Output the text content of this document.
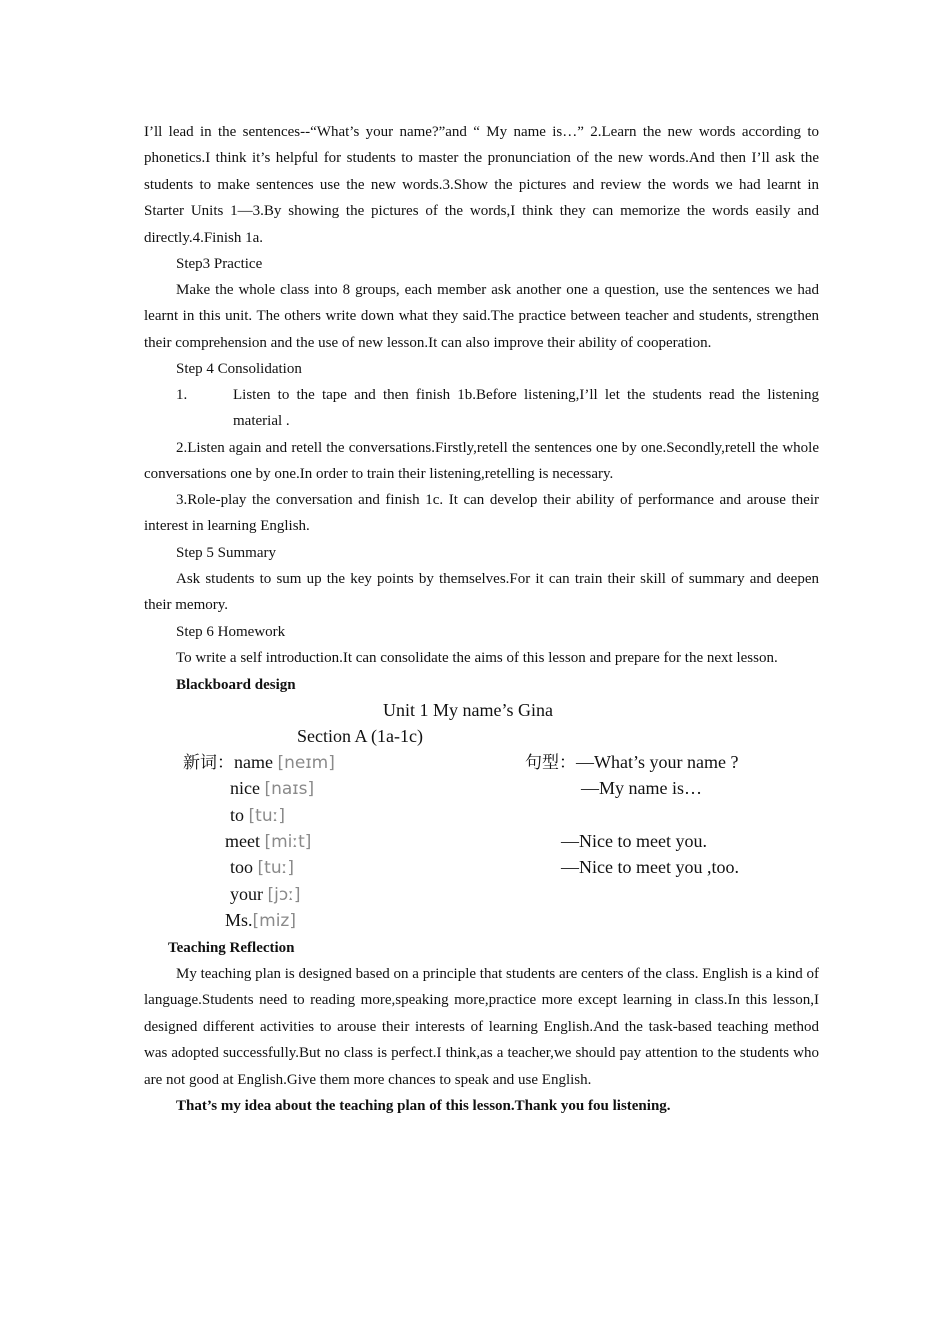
I’ll lead in the sentences--“What’s your name?”and “ My name is…” 2.Learn the new words according to phonetics.I think it’s helpful for students to master the pronunciation of the new words.And then I’ll ask the students to make sentences use the new words.3.Show the pictures and review the words we had learnt in Starter Units 1—3.By showing the pictures of the words,I think they can memorize the words easily and directly.4.Finish 1a.

Step3 Practice

Make the whole class into 8 groups, each member ask another one a question, use the sentences we had learnt in this unit. The others write down what they said.The practice between teacher and students, strengthen their comprehension and the use of new lesson.It can also improve their ability of cooperation.

Step 4 Consolidation

1.	Listen to the tape and then finish 1b.Before listening,I’ll let the students read the listening material .

2.Listen again and retell the conversations.Firstly,retell the sentences one by one.Secondly,retell the whole conversations one by one.In order to train their listening,retelling is necessary.

3.Role-play the conversation and finish 1c. It can develop their ability of performance and arouse their interest in learning English.

Step 5 Summary

Ask students to sum up the key points by themselves.For it can train their skill of summary and deepen their memory.

Step 6 Homework

To write a self introduction.It can consolidate the aims of this lesson and prepare for the next lesson.

Blackboard design

Unit 1 My name’s Gina
Section A (1a-1c)
新词：name [neɪm]
nice [naɪs]
to [tuː]
meet [miːt]
too [tuː]
your [jɔː]
Ms.[miz]
句型：—What’s your name ?
—My name is…
—Nice to meet you.
—Nice to meet you ,too.

Teaching Reflection

My teaching plan is designed based on a principle that students are centers of the class. English is a kind of language.Students need to reading more,speaking more,practice more except learning in class.In this lesson,I designed different activities to arouse their interests of learning English.And the task-based teaching method was adopted successfully.But no class is perfect.I think,as a teacher,we should pay attention to the students who are not good at English.Give them more chances to speak and use English.

That’s my idea about the teaching plan of this lesson.Thank you fou listening.
